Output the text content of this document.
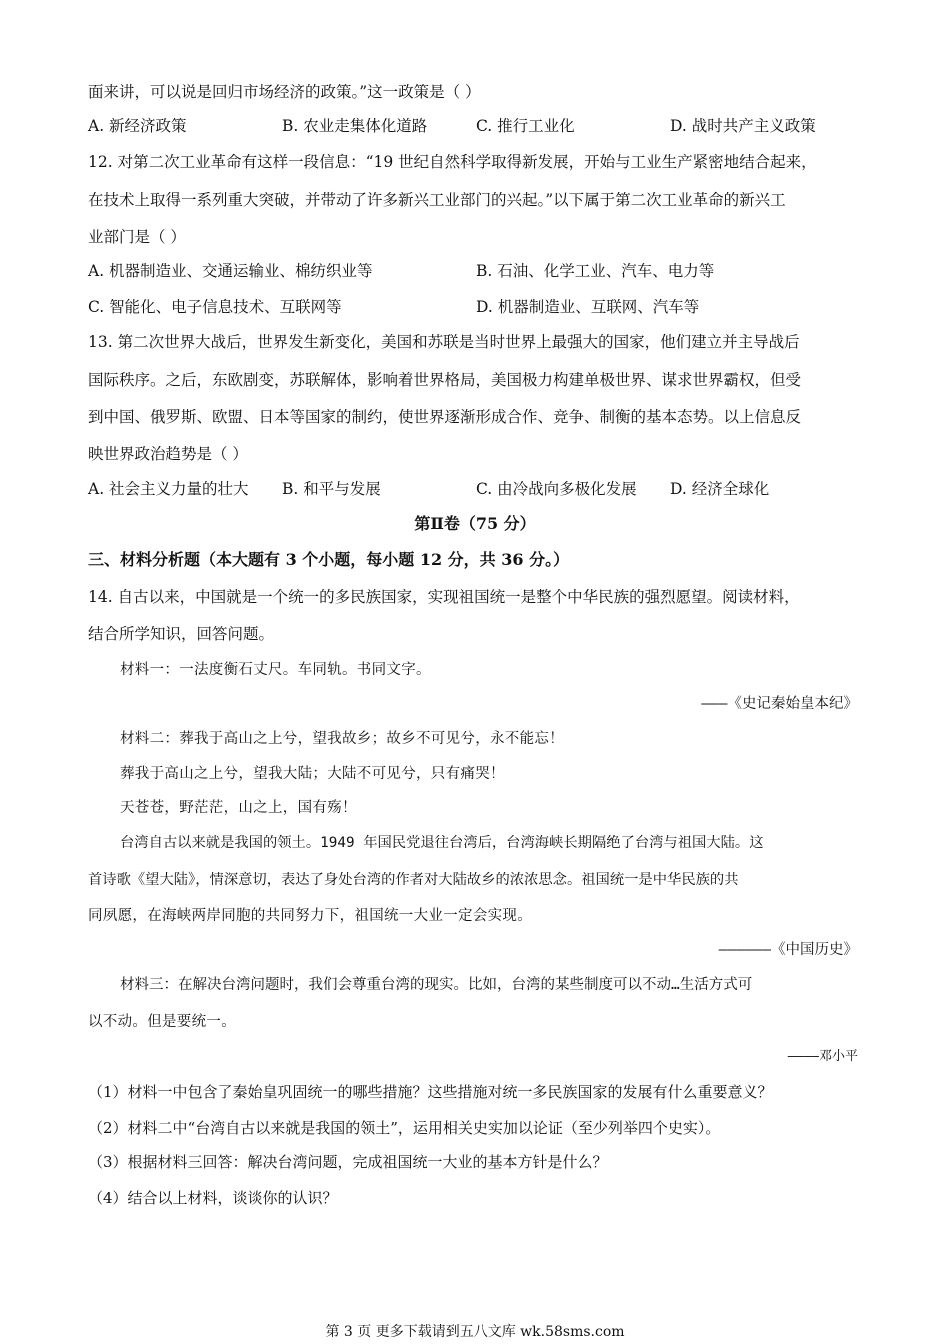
面来讲，可以说是回归市场经济的政策。”这一政策是（ ）
A. 新经济政策	B. 农业走集体化道路	C. 推行工业化	D. 战时共产主义政策
12. 对第二次工业革命有这样一段信息：“19 世纪自然科学取得新发展，开始与工业生产紧密地结合起来，
在技术上取得一系列重大突破，并带动了许多新兴工业部门的兴起。”以下属于第二次工业革命的新兴工
业部门是（ ）
A. 机器制造业、交通运输业、棉纺织业等	B. 石油、化学工业、汽车、电力等
C. 智能化、电子信息技术、互联网等	D. 机器制造业、互联网、汽车等
13. 第二次世界大战后，世界发生新变化，美国和苏联是当时世界上最强大的国家，他们建立并主导战后
国际秩序。之后，东欧剧变，苏联解体，影响着世界格局，美国极力构建单极世界、谋求世界霸权，但受
到中国、俄罗斯、欧盟、日本等国家的制约，使世界逐渐形成合作、竞争、制衡的基本态势。以上信息反
映世界政治趋势是（ ）
A. 社会主义力量的壮大 B. 和平与发展	C. 由冷战向多极化发展 D. 经济全球化
第Ⅱ卷（75 分）
三、材料分析题（本大题有 3 个小题，每小题 12 分，共 36 分。）
14. 自古以来，中国就是一个统一的多民族国家，实现祖国统一是整个中华民族的强烈愿望。阅读材料，
结合所学知识，回答问题。
材料一：一法度衡石丈尺。车同轨。书同文字。
———《史记秦始皇本纪》
材料二：葬我于高山之上兮，望我故乡；故乡不可见兮，永不能忘！
葬我于高山之上兮，望我大陆；大陆不可见兮，只有痛哭！
天苍苍，野茫茫，山之上，国有殇！
台湾自古以来就是我国的领土。1949 年国民党退往台湾后，台湾海峡长期隔绝了台湾与祖国大陆。这
首诗歌《望大陆》，情深意切，表达了身处台湾的作者对大陆故乡的浓浓思念。祖国统一是中华民族的共
同夙愿，在海峡两岸同胞的共同努力下，祖国统一大业一定会实现。
——————《中国历史》
材料三：在解决台湾问题时，我们会尊重台湾的现实。比如，台湾的某些制度可以不动…生活方式可
以不动。但是要统一。
————邓小平
（1）材料一中包含了秦始皇巩固统一的哪些措施？这些措施对统一多民族国家的发展有什么重要意义？
（2）材料二中“台湾自古以来就是我国的领土”，运用相关史实加以论证（至少列举四个史实）。
（3）根据材料三回答：解决台湾问题，完成祖国统一大业的基本方针是什么？
（4）结合以上材料，谈谈你的认识？
第 3 页 更多下载请到五八文库 wk.58sms.com
